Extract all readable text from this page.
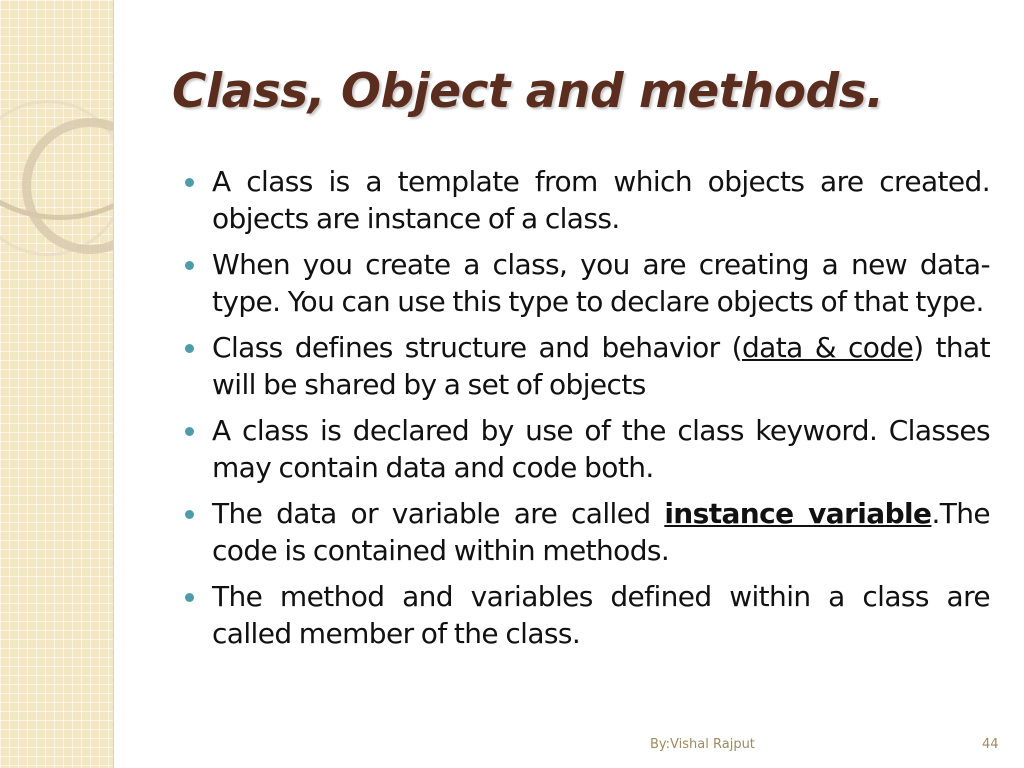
Class, Object and methods.
A class is a template from which objects are created. objects are instance of a class.
When you create a class, you are creating a new data-type. You can use this type to declare objects of that type.
Class defines structure and behavior (data & code) that will be shared by a set of objects
A class is declared by use of the class keyword. Classes may contain data and code both.
The data or variable are called instance variable.The code is contained within methods.
The method and variables defined within a class are called member of the class.
By:Vishal Rajput	44
